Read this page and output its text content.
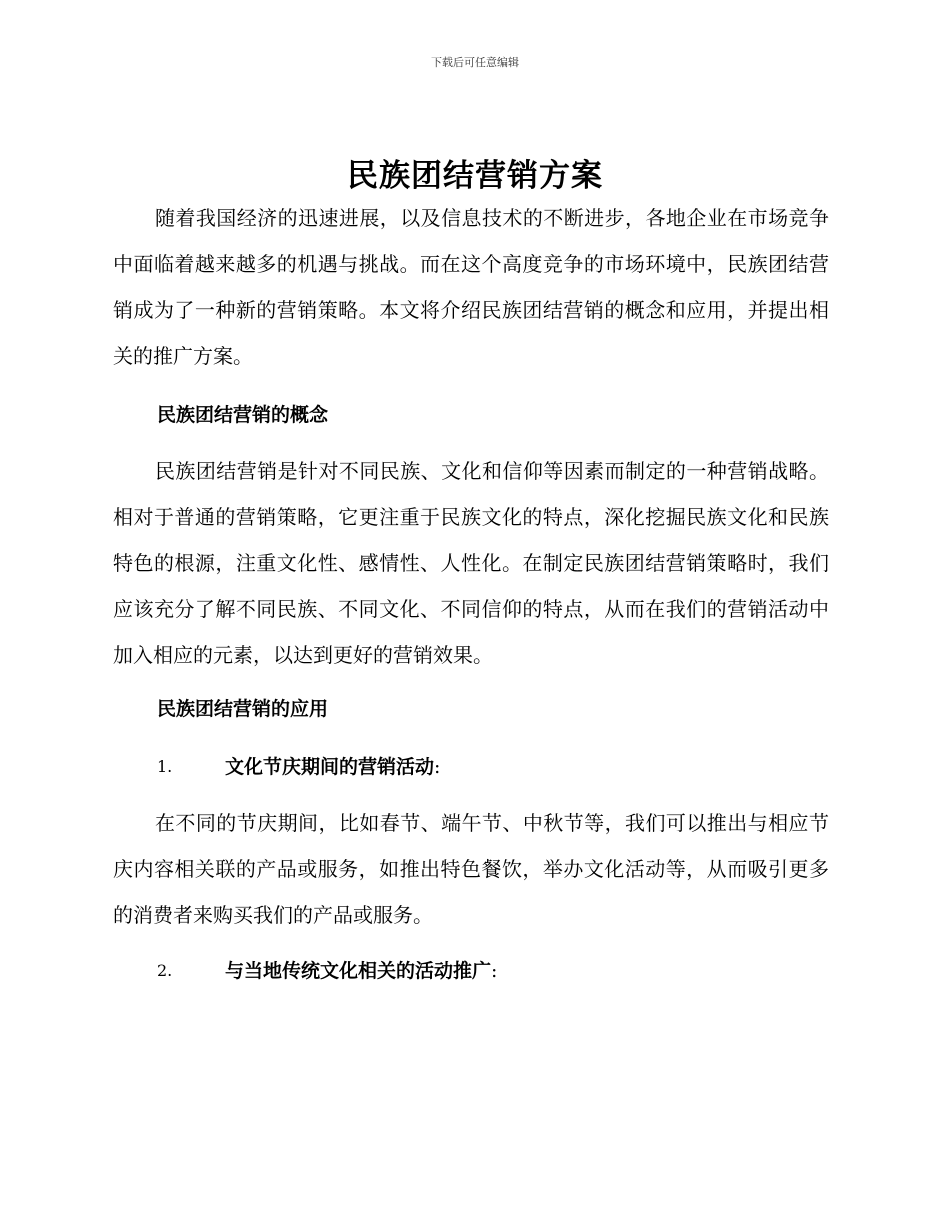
下载后可任意编辑
民族团结营销方案

随着我国经济的迅速进展，以及信息技术的不断进步，各地企业在市场竞争中面临着越来越多的机遇与挑战。而在这个高度竞争的市场环境中，民族团结营销成为了一种新的营销策略。本文将介绍民族团结营销的概念和应用，并提出相关的推广方案。

民族团结营销的概念

民族团结营销是针对不同民族、文化和信仰等因素而制定的一种营销战略。相对于普通的营销策略，它更注重于民族文化的特点，深化挖掘民族文化和民族特色的根源，注重文化性、感情性、人性化。在制定民族团结营销策略时，我们应该充分了解不同民族、不同文化、不同信仰的特点，从而在我们的营销活动中加入相应的元素，以达到更好的营销效果。

民族团结营销的应用
1.	文化节庆期间的营销活动:

在不同的节庆期间，比如春节、端午节、中秋节等，我们可以推出与相应节庆内容相关联的产品或服务，如推出特色餐饮，举办文化活动等，从而吸引更多的消费者来购买我们的产品或服务。

2.	与当地传统文化相关的活动推广:
